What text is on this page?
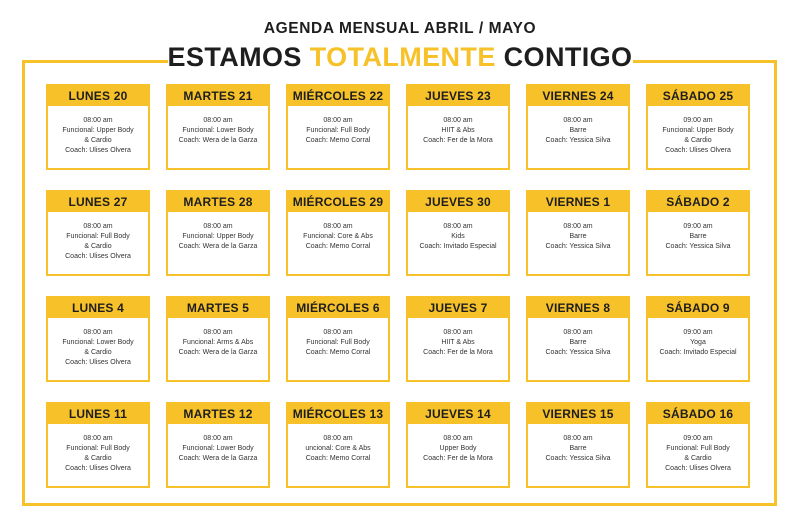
AGENDA MENSUAL ABRIL / MAYO
ESTAMOS TOTALMENTE CONTIGO
LUNES 20
08:00 am
Funcional: Upper Body
& Cardio
Coach: Ulises Olvera
MARTES 21
08:00 am
Funcional: Lower Body
Coach: Wera de la Garza
MIÉRCOLES 22
08:00 am
Funcional: Full Body
Coach: Memo Corral
JUEVES 23
08:00 am
HIIT & Abs
Coach: Fer de la Mora
VIERNES 24
08:00 am
Barre
Coach: Yessica Silva
SÁBADO 25
09:00 am
Funcional: Upper Body
& Cardio
Coach: Ulises Olvera
LUNES 27
08:00 am
Funcional: Full Body
& Cardio
Coach: Ulises Olvera
MARTES 28
08:00 am
Funcional: Upper Body
Coach: Wera de la Garza
MIÉRCOLES 29
08:00 am
Funcional: Core & Abs
Coach: Memo Corral
JUEVES 30
08:00 am
Kids
Coach: Invitado Especial
VIERNES 1
08:00 am
Barre
Coach: Yessica Silva
SÁBADO 2
09:00 am
Barre
Coach: Yessica Silva
LUNES 4
08:00 am
Funcional: Lower Body
& Cardio
Coach: Ulises Olvera
MARTES 5
08:00 am
Funcional: Arms & Abs
Coach: Wera de la Garza
MIÉRCOLES 6
08:00 am
Funcional: Full Body
Coach: Memo Corral
JUEVES 7
08:00 am
HIIT & Abs
Coach: Fer de la Mora
VIERNES 8
08:00 am
Barre
Coach: Yessica Silva
SÁBADO 9
09:00 am
Yoga
Coach: Invitado Especial
LUNES 11
08:00 am
Funcional: Full Body
& Cardio
Coach: Ulises Olvera
MARTES 12
08:00 am
Funcional: Lower Body
Coach: Wera de la Garza
MIÉRCOLES 13
08:00 am
uncional: Core & Abs
Coach: Memo Corral
JUEVES 14
08:00 am
Upper Body
Coach: Fer de la Mora
VIERNES 15
08:00 am
Barre
Coach: Yessica Silva
SÁBADO 16
09:00 am
Funcional: Full Body
& Cardio
Coach: Ulises Olvera
